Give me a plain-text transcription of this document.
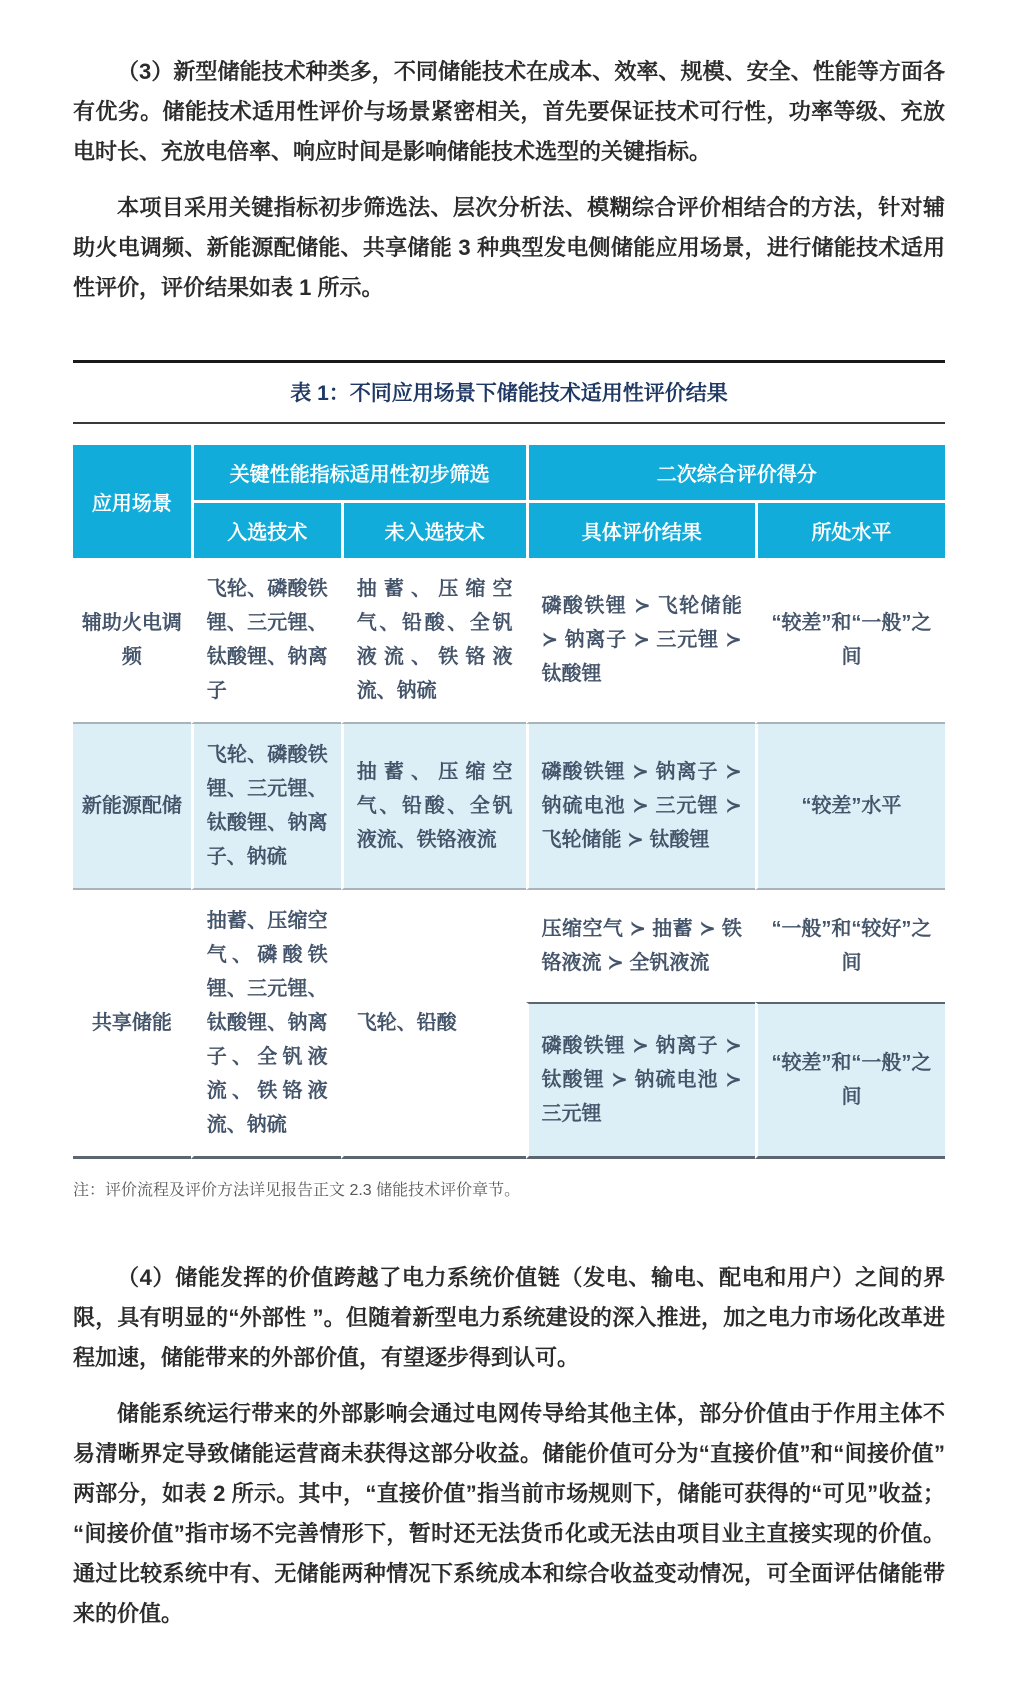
（3）新型储能技术种类多，不同储能技术在成本、效率、规模、安全、性能等方面各有优劣。储能技术适用性评价与场景紧密相关，首先要保证技术可行性，功率等级、充放电时长、充放电倍率、响应时间是影响储能技术选型的关键指标。

本项目采用关键指标初步筛选法、层次分析法、模糊综合评价相结合的方法，针对辅助火电调频、新能源配储能、共享储能 3 种典型发电侧储能应用场景，进行储能技术适用性评价，评价结果如表 1 所示。

表 1：不同应用场景下储能技术适用性评价结果
应用场景	关键性能指标适用性初步筛选		二次综合评价得分	
	入选技术	未入选技术	具体评价结果	所处水平
辅助火电调频	飞轮、磷酸铁锂、三元锂、钛酸锂、钠离子	抽蓄、压缩空气、铅酸、全钒液流、铁铬液流、钠硫	磷酸铁锂 ≻ 飞轮储能 ≻ 钠离子 ≻ 三元锂 ≻ 钛酸锂	“较差”和“一般”之间
新能源配储	飞轮、磷酸铁锂、三元锂、钛酸锂、钠离子、钠硫	抽蓄、压缩空气、铅酸、全钒液流、铁铬液流	磷酸铁锂 ≻ 钠离子 ≻ 钠硫电池 ≻ 三元锂 ≻ 飞轮储能 ≻ 钛酸锂	“较差”水平
共享储能	抽蓄、压缩空气、磷酸铁锂、三元锂、钛酸锂、钠离子、全钒液流、铁铬液流、钠硫	飞轮、铅酸	压缩空气 ≻ 抽蓄 ≻ 铁铬液流 ≻ 全钒液流	“一般”和“较好”之间
			磷酸铁锂 ≻ 钠离子 ≻ 钛酸锂 ≻ 钠硫电池 ≻ 三元锂	“较差”和“一般”之间

注：评价流程及评价方法详见报告正文 2.3 储能技术评价章节。

（4）储能发挥的价值跨越了电力系统价值链（发电、输电、配电和用户）之间的界限，具有明显的“外部性 ”。但随着新型电力系统建设的深入推进，加之电力市场化改革进程加速，储能带来的外部价值，有望逐步得到认可。

储能系统运行带来的外部影响会通过电网传导给其他主体，部分价值由于作用主体不易清晰界定导致储能运营商未获得这部分收益。储能价值可分为“直接价值”和“间接价值”两部分，如表 2 所示。其中，“直接价值”指当前市场规则下，储能可获得的“可见”收益；“间接价值”指市场不完善情形下，暂时还无法货币化或无法由项目业主直接实现的价值。通过比较系统中有、无储能两种情况下系统成本和综合收益变动情况，可全面评估储能带来的价值。
